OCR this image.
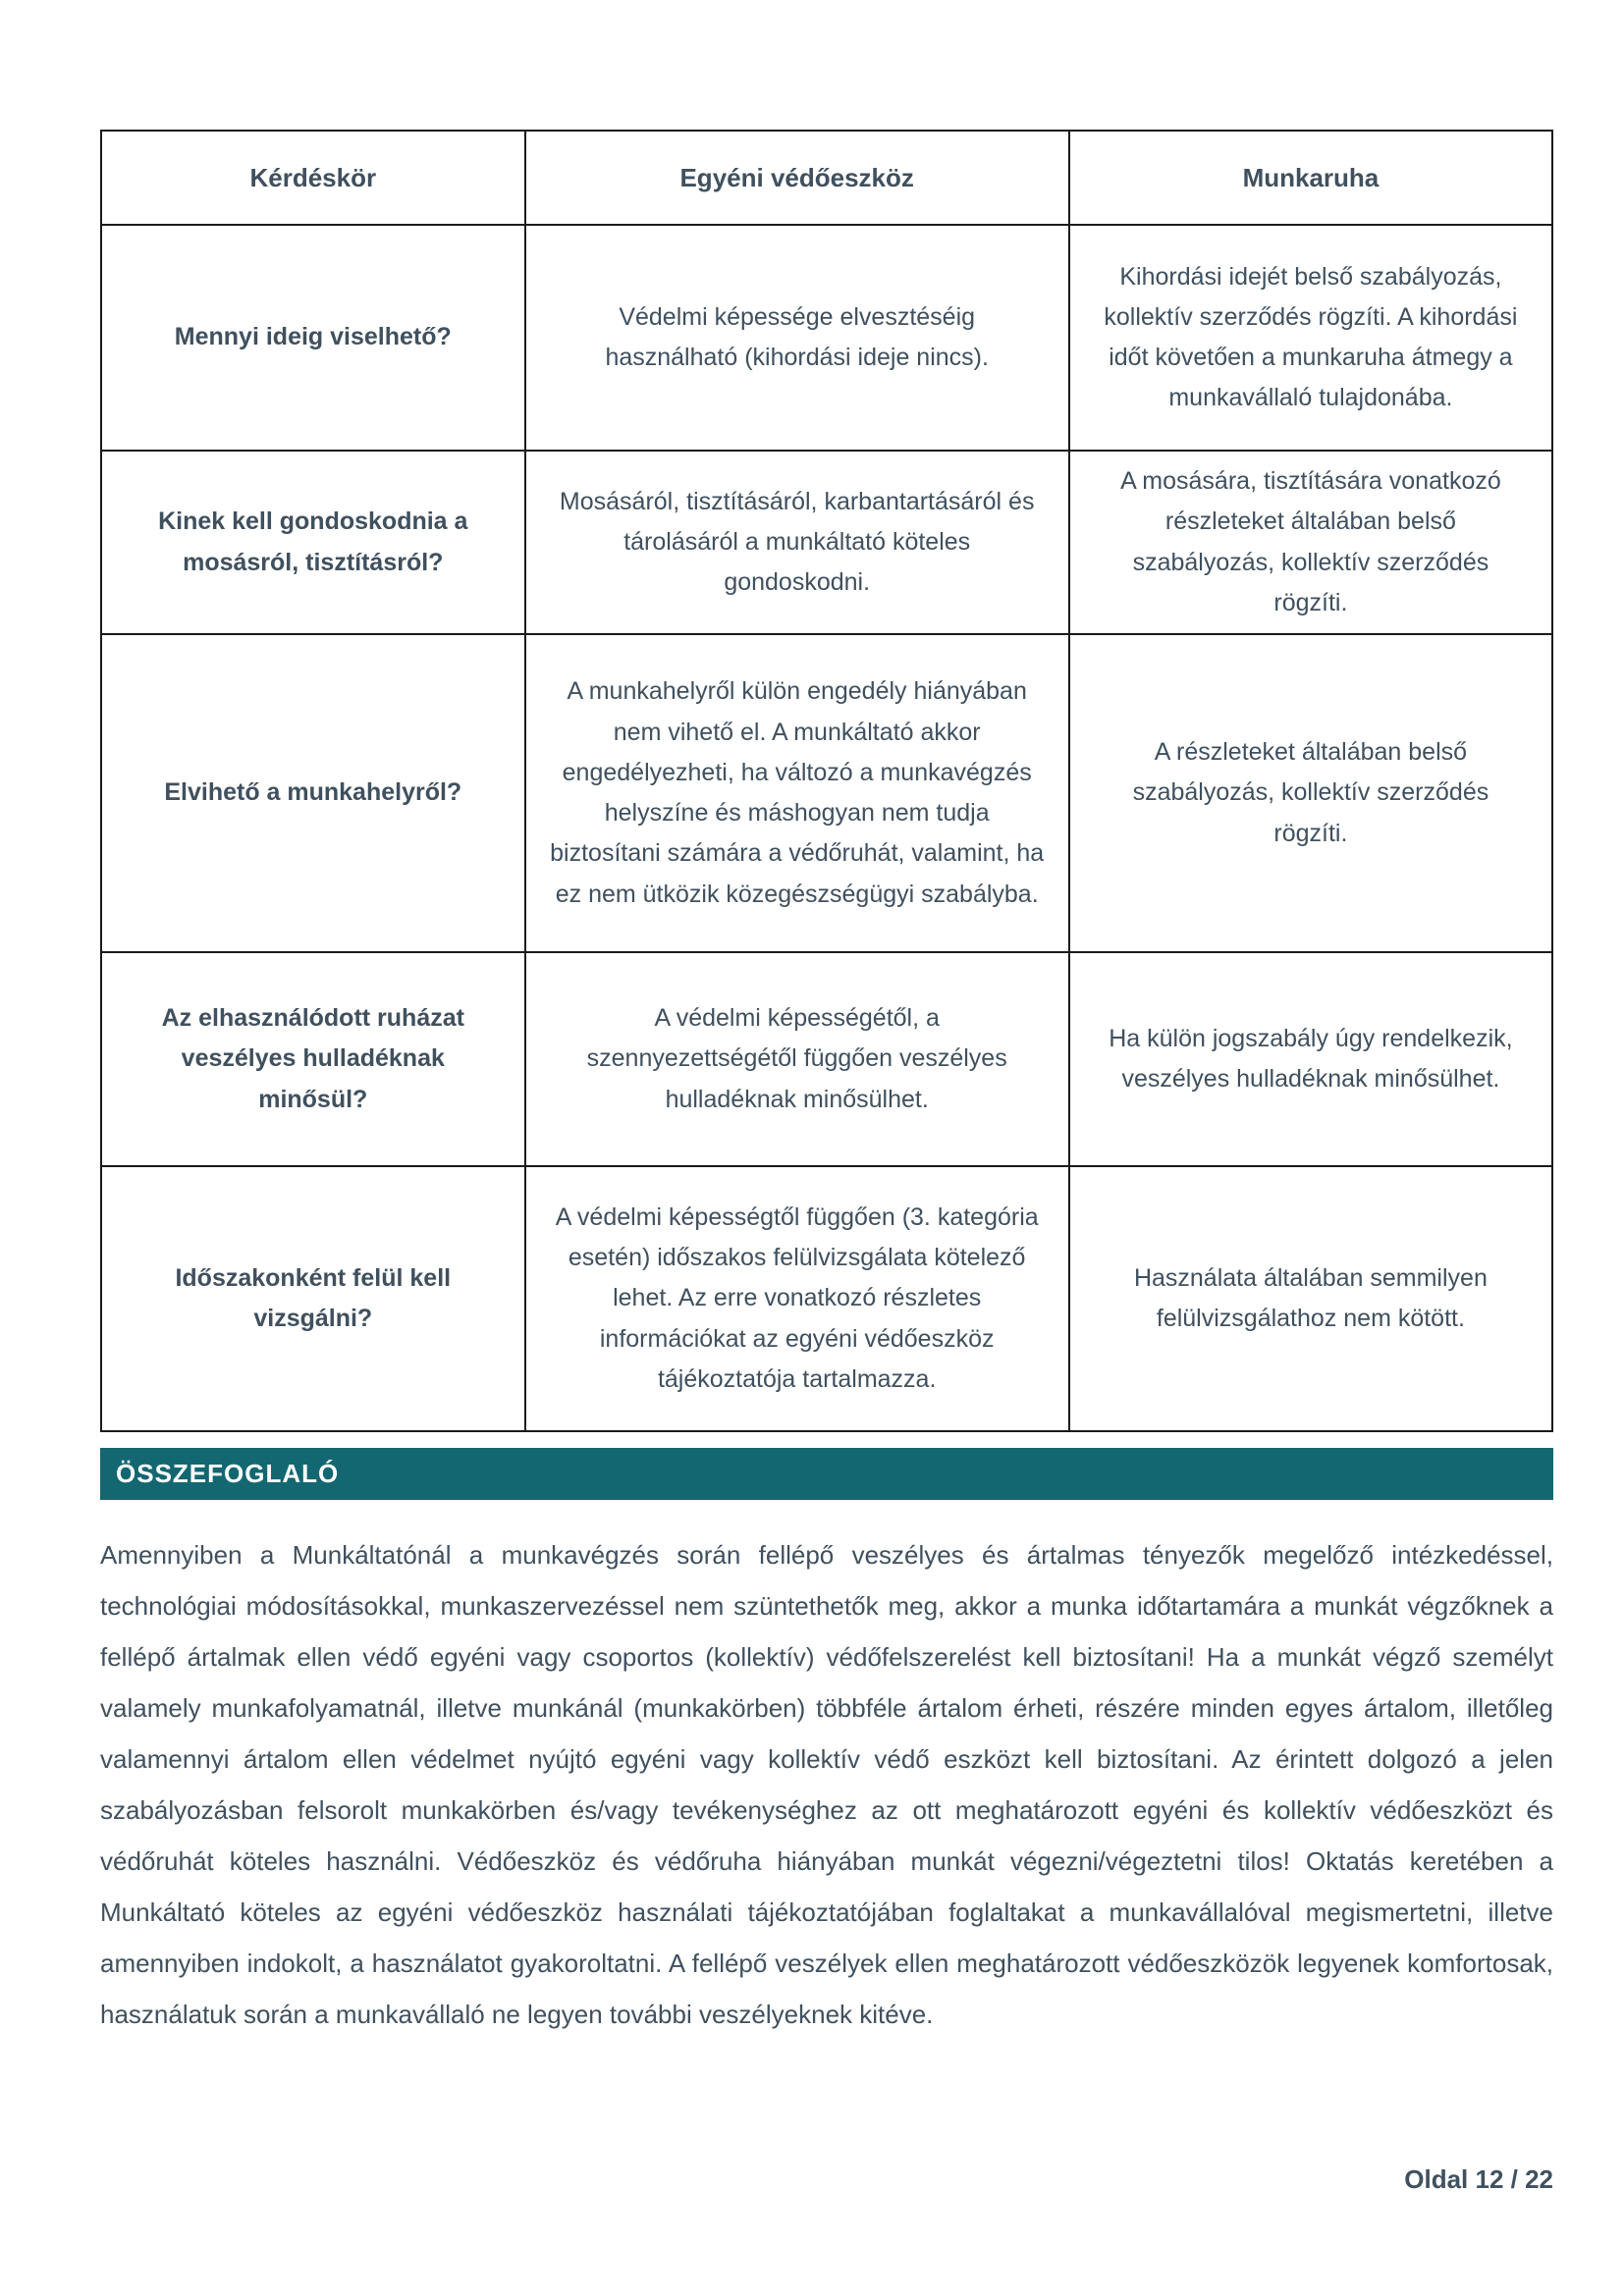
Kérdéskör	Egyéni védőeszköz	Munkaruha
Mennyi ideig viselhető?	Védelmi képessége elvesztéséig használható (kihordási ideje nincs).	Kihordási idejét belső szabályozás, kollektív szerződés rögzíti. A kihordási időt követően a munkaruha átmegy a munkavállaló tulajdonába.
Kinek kell gondoskodnia a mosásról, tisztításról?	Mosásáról, tisztításáról, karbantartásáról és tárolásáról a munkáltató köteles gondoskodni.	A mosására, tisztítására vonatkozó részleteket általában belső szabályozás, kollektív szerződés rögzíti.
Elvihető a munkahelyről?	A munkahelyről külön engedély hiányában nem vihető el. A munkáltató akkor engedélyezheti, ha változó a munkavégzés helyszíne és máshogyan nem tudja biztosítani számára a védőruhát, valamint, ha ez nem ütközik közegészségügyi szabályba.	A részleteket általában belső szabályozás, kollektív szerződés rögzíti.
Az elhasználódott ruházat veszélyes hulladéknak minősül?	A védelmi képességétől, a szennyezettségétől függően veszélyes hulladéknak minősülhet.	Ha külön jogszabály úgy rendelkezik, veszélyes hulladéknak minősülhet.
Időszakonként felül kell vizsgálni?	A védelmi képességtől függően (3. kategória esetén) időszakos felülvizsgálata kötelező lehet. Az erre vonatkozó részletes információkat az egyéni védőeszköz tájékoztatója tartalmazza.	Használata általában semmilyen felülvizsgálathoz nem kötött.
ÖSSZEFOGLALÓ

Amennyiben a Munkáltatónál a munkavégzés során fellépő veszélyes és ártalmas tényezők megelőző intézkedéssel, technológiai módosításokkal, munkaszervezéssel nem szüntethetők meg, akkor a munka időtartamára a munkát végzőknek a fellépő ártalmak ellen védő egyéni vagy csoportos (kollektív) védőfelszerelést kell biztosítani! Ha a munkát végző személyt valamely munkafolyamatnál, illetve munkánál (munkakörben) többféle ártalom érheti, részére minden egyes ártalom, illetőleg valamennyi ártalom ellen védelmet nyújtó egyéni vagy kollektív védő eszközt kell biztosítani. Az érintett dolgozó a jelen szabályozásban felsorolt munkakörben és/vagy tevékenységhez az ott meghatározott egyéni és kollektív védőeszközt és védőruhát köteles használni. Védőeszköz és védőruha hiányában munkát végezni/végeztetni tilos! Oktatás keretében a Munkáltató köteles az egyéni védőeszköz használati tájékoztatójában foglaltakat a munkavállalóval megismertetni, illetve amennyiben indokolt, a használatot gyakoroltatni. A fellépő veszélyek ellen meghatározott védőeszközök legyenek komfortosak, használatuk során a munkavállaló ne legyen további veszélyeknek kitéve.

Oldal 12 / 22
